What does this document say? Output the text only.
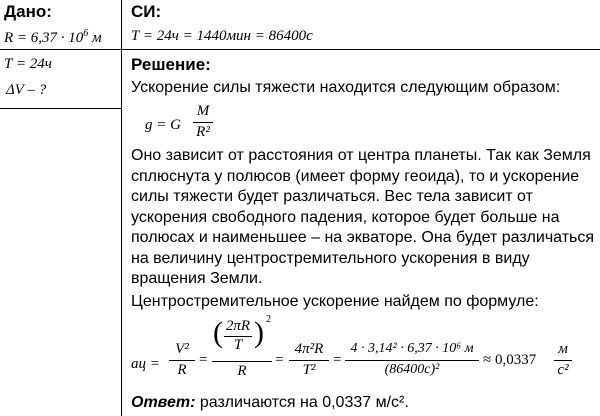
Дано:
$R = 6,37 \cdot 10^6$ м
T = 24ч
ΔV – ?
СИ:
T = 24ч = 1440мин = 86400с
Решение:
Ускорение силы тяжести находится следующим образом:
g = G
M
R²
Оно зависит от расстояния от центра планеты. Так как Земля сплюснута у полюсов (имеет форму геоида), то и ускорение силы тяжести будет различаться. Вес тела зависит от ускорения свободного падения, которое будет больше на полюсах и наименьшее – на экваторе. Она будет различаться на величину центростремительного ускорения в виду вращения Земли.
Центростремительное ускорение найдем по формуле:
aц =
V²
R
=
( 2πR
T ) 2
R
=
4π²R
T²
=
4 · 3,14² · 6,37 · 10⁶ м
(86400с)²
≈ 0,0337
м
с²
Ответ: различаются на 0,0337 м/с².
